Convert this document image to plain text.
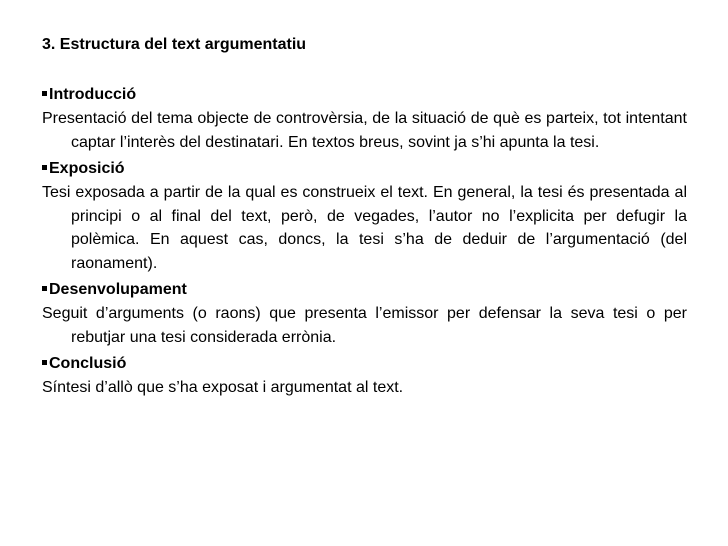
3. Estructura del text argumentatiu
Introducció
Presentació del tema objecte de controvèrsia, de la situació de què es parteix, tot intentant captar l’interès del destinatari. En textos breus, sovint ja s’hi apunta la tesi.
Exposició
Tesi exposada a partir de la qual es construeix el text. En general, la tesi és presentada al principi o al final del text, però, de vegades, l’autor no l’explicita per defugir la polèmica. En aquest cas, doncs, la tesi s’ha de deduir de l’argumentació (del raonament).
Desenvolupament
Seguit d’arguments (o raons) que presenta l’emissor per defensar la seva tesi o per rebutjar una tesi considerada errònia.
Conclusió
Síntesi d’allò que s’ha exposat i argumentat al text.
